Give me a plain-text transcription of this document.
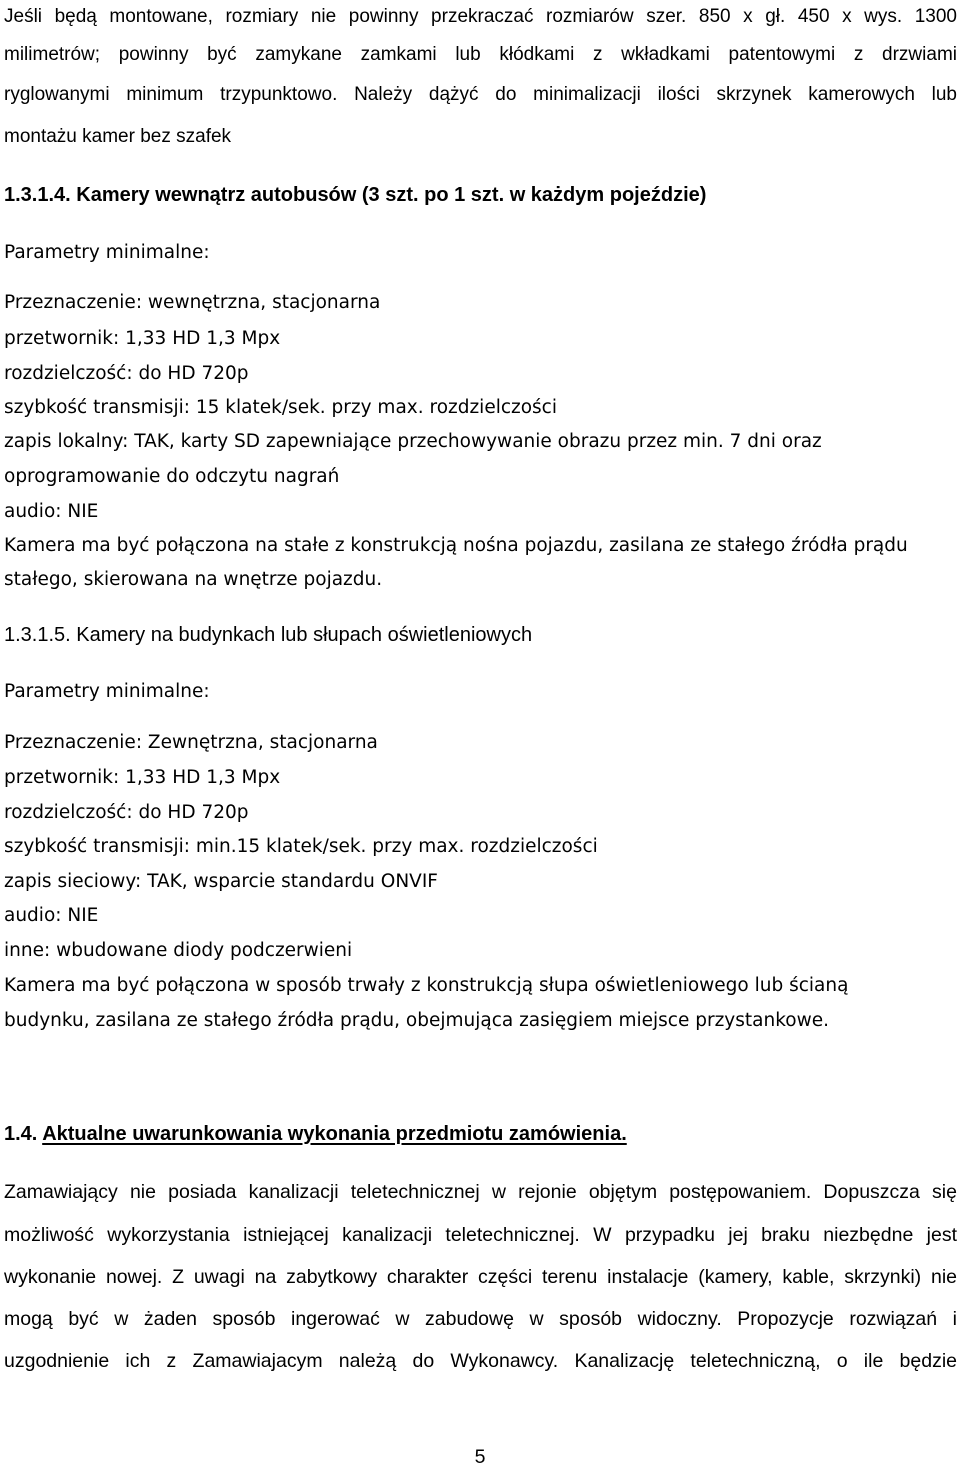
Jeśli będą montowane, rozmiary nie powinny przekraczać rozmiarów szer. 850 x gł. 450 x wys. 1300
milimetrów; powinny być zamykane zamkami lub kłódkami z wkładkami patentowymi z drzwiami
ryglowanymi minimum trzypunktowo. Należy dążyć do minimalizacji ilości skrzynek kamerowych lub
montażu kamer bez szafek
1.3.1.4. Kamery wewnątrz autobusów (3 szt. po 1 szt. w każdym pojeździe)
Parametry minimalne:
Przeznaczenie: wewnętrzna, stacjonarna
przetwornik: 1,33 HD 1,3 Mpx
rozdzielczość: do HD 720p
szybkość transmisji: 15 klatek/sek. przy max. rozdzielczości
zapis lokalny: TAK, karty SD zapewniające przechowywanie obrazu przez min. 7 dni oraz
oprogramowanie do odczytu nagrań
audio: NIE
Kamera ma być połączona na stałe z konstrukcją nośna pojazdu, zasilana ze stałego źródła prądu
stałego, skierowana na wnętrze pojazdu.
1.3.1.5. Kamery na budynkach lub słupach oświetleniowych
Parametry minimalne:
Przeznaczenie: Zewnętrzna, stacjonarna
przetwornik: 1,33 HD 1,3 Mpx
rozdzielczość: do HD 720p
szybkość transmisji: min.15 klatek/sek. przy max. rozdzielczości
zapis sieciowy: TAK, wsparcie standardu ONVIF
audio: NIE
inne: wbudowane diody podczerwieni
Kamera ma być połączona w sposób trwały z konstrukcją słupa oświetleniowego lub ścianą
budynku, zasilana ze stałego źródła prądu, obejmująca zasięgiem miejsce przystankowe.
1.4. Aktualne uwarunkowania wykonania przedmiotu zamówienia.
Zamawiający nie posiada kanalizacji teletechnicznej w rejonie objętym postępowaniem. Dopuszcza się
możliwość wykorzystania istniejącej kanalizacji teletechnicznej. W przypadku jej braku niezbędne jest
wykonanie nowej. Z uwagi na zabytkowy charakter części terenu instalacje (kamery, kable, skrzynki) nie
mogą być w żaden sposób ingerować w zabudowę w sposób widoczny. Propozycje rozwiązań i
uzgodnienie ich z Zamawiajacym należą do Wykonawcy. Kanalizację teletechniczną, o ile będzie
5
